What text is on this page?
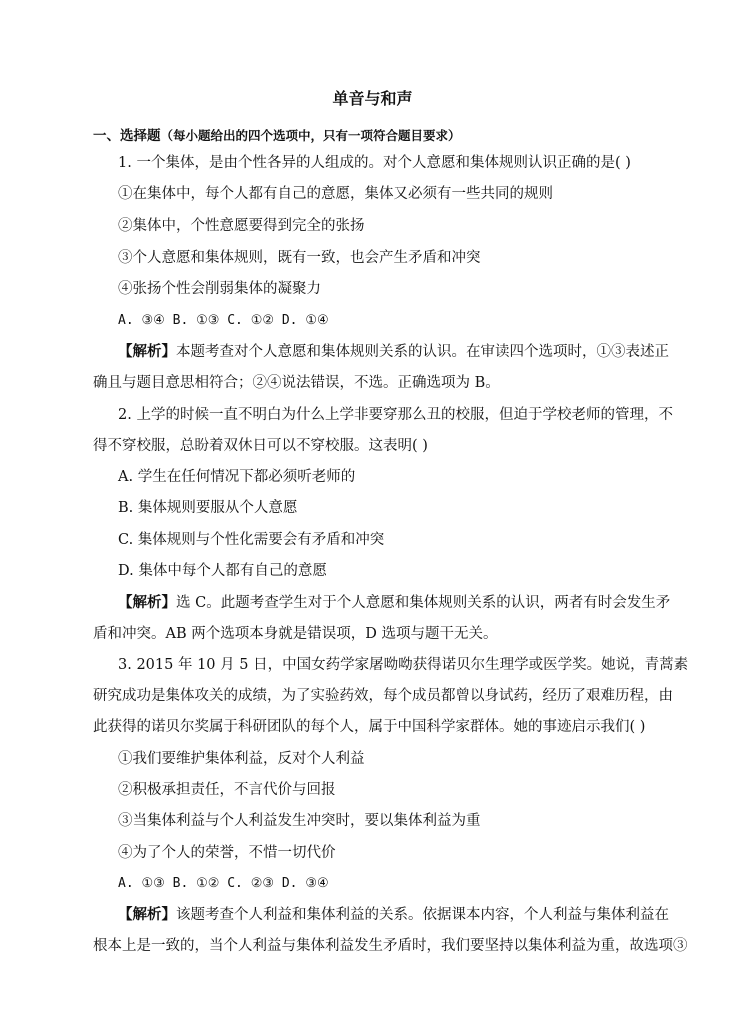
单音与和声
一、选择题（每小题给出的四个选项中，只有一项符合题目要求）
1. 一个集体，是由个性各异的人组成的。对个人意愿和集体规则认识正确的是( )
①在集体中，每个人都有自己的意愿，集体又必须有一些共同的规则
②集体中，个性意愿要得到完全的张扬
③个人意愿和集体规则，既有一致，也会产生矛盾和冲突
④张扬个性会削弱集体的凝聚力
A. ③④ B. ①③ C. ①② D. ①④
【解析】本题考查对个人意愿和集体规则关系的认识。在审读四个选项时，①③表述正
确且与题目意思相符合；②④说法错误，不选。正确选项为 B。
2. 上学的时候一直不明白为什么上学非要穿那么丑的校服，但迫于学校老师的管理，不
得不穿校服，总盼着双休日可以不穿校服。这表明( )
A. 学生在任何情况下都必须听老师的
B. 集体规则要服从个人意愿
C. 集体规则与个性化需要会有矛盾和冲突
D. 集体中每个人都有自己的意愿
【解析】选 C。此题考查学生对于个人意愿和集体规则关系的认识，两者有时会发生矛
盾和冲突。AB 两个选项本身就是错误项，D 选项与题干无关。
3. 2015 年 10 月 5 日，中国女药学家屠呦呦获得诺贝尔生理学或医学奖。她说，青蒿素
研究成功是集体攻关的成绩，为了实验药效，每个成员都曾以身试药，经历了艰难历程，由
此获得的诺贝尔奖属于科研团队的每个人，属于中国科学家群体。她的事迹启示我们( )
①我们要维护集体利益，反对个人利益
②积极承担责任，不言代价与回报
③当集体利益与个人利益发生冲突时，要以集体利益为重
④为了个人的荣誉，不惜一切代价
A. ①③ B. ①② C. ②③ D. ③④
【解析】该题考查个人利益和集体利益的关系。依据课本内容，个人利益与集体利益在
根本上是一致的，当个人利益与集体利益发生矛盾时，我们要坚持以集体利益为重，故选项③
